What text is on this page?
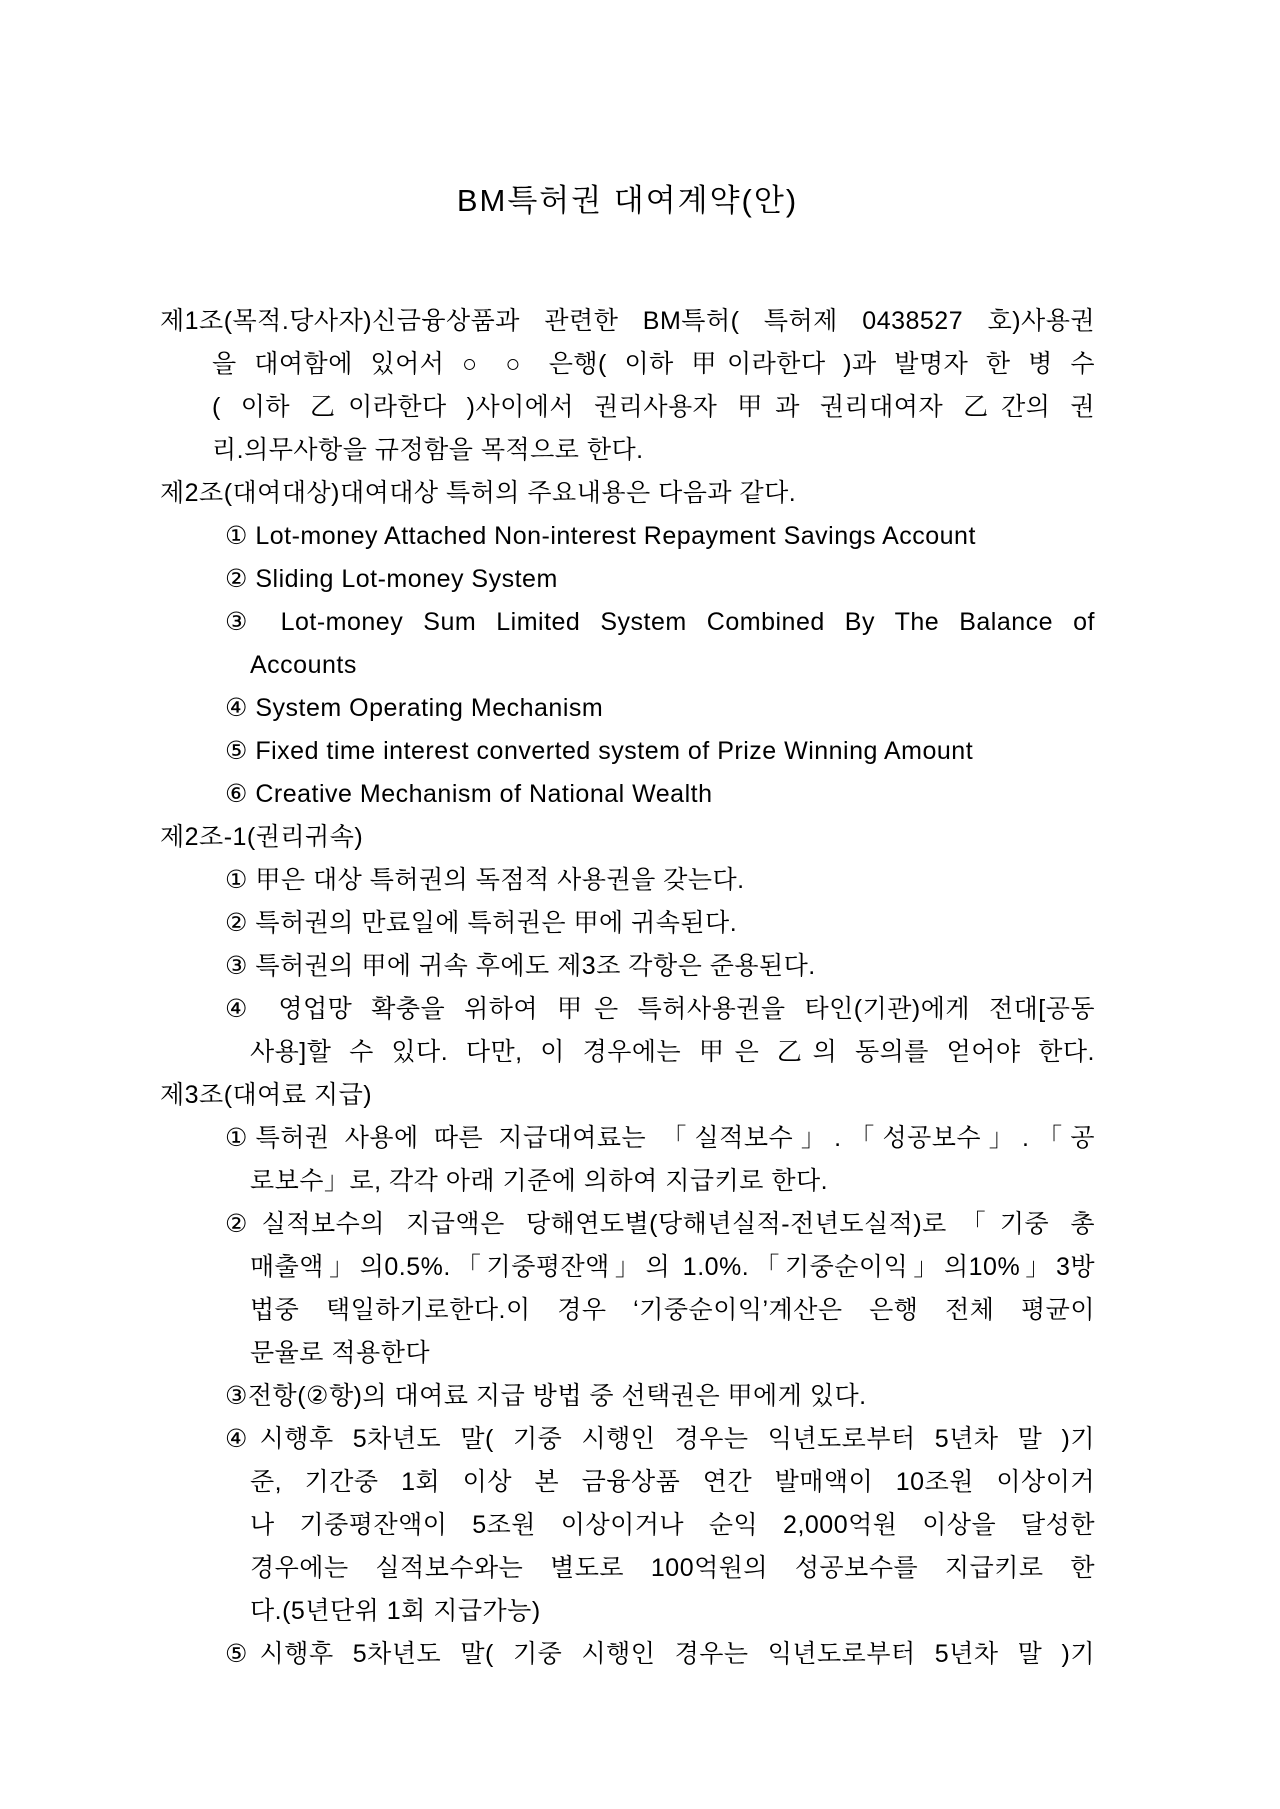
BM특허권 대여계약(안)
제1조(목적.당사자)신금융상품과 관련한 BM특허( 특허제 0438527 호)사용권
을 대여함에 있어서 ○ ○ 은행( 이하 甲이라한다 )과 발명자 한 병 수
( 이하 乙이라한다 )사이에서 권리사용자 甲과 권리대여자 乙간의 권
리.의무사항을 규정함을 목적으로 한다.
제2조(대여대상)대여대상 특허의 주요내용은 다음과 같다.
① Lot-money Attached Non-interest Repayment Savings Account
② Sliding Lot-money System
③ Lot-money Sum Limited System Combined By The Balance of
Accounts
④ System Operating Mechanism
⑤ Fixed time interest converted system of Prize Winning Amount
⑥ Creative Mechanism of National Wealth
제2조-1(권리귀속)
① 甲은 대상 특허권의 독점적 사용권을 갖는다.
② 특허권의 만료일에 특허권은 甲에 귀속된다.
③ 특허권의 甲에 귀속 후에도 제3조 각항은 준용된다.
④ 영업망 확충을 위하여 甲은 특허사용권을 타인(기관)에게 전대[공동
사용]할 수 있다. 다만, 이 경우에는 甲은 乙의 동의를 얻어야 한다.
제3조(대여료 지급)
①특허권 사용에 따른 지급대여료는 「실적보수」.「성공보수」.「공
로보수」로, 각각 아래 기준에 의하여 지급키로 한다.
②실적보수의 지급액은 당해연도별(당해년실적-전년도실적)로「기중 총
매출액」의0.5%.「기중평잔액」의 1.0%.「기중순이익」의10%」3방
법중 택일하기로한다.이 경우 ‘기중순이익’계산은 은행 전체 평균이
문율로 적용한다
③전항(②항)의 대여료 지급 방법 중 선택권은 甲에게 있다.
④시행후 5차년도 말( 기중 시행인 경우는 익년도로부터 5년차 말 )기
준, 기간중 1회 이상 본 금융상품 연간 발매액이 10조원 이상이거
나 기중평잔액이 5조원 이상이거나 순익 2,000억원 이상을 달성한
경우에는 실적보수와는 별도로 100억원의 성공보수를 지급키로 한
다.(5년단위 1회 지급가능)
⑤시행후 5차년도 말( 기중 시행인 경우는 익년도로부터 5년차 말 )기
